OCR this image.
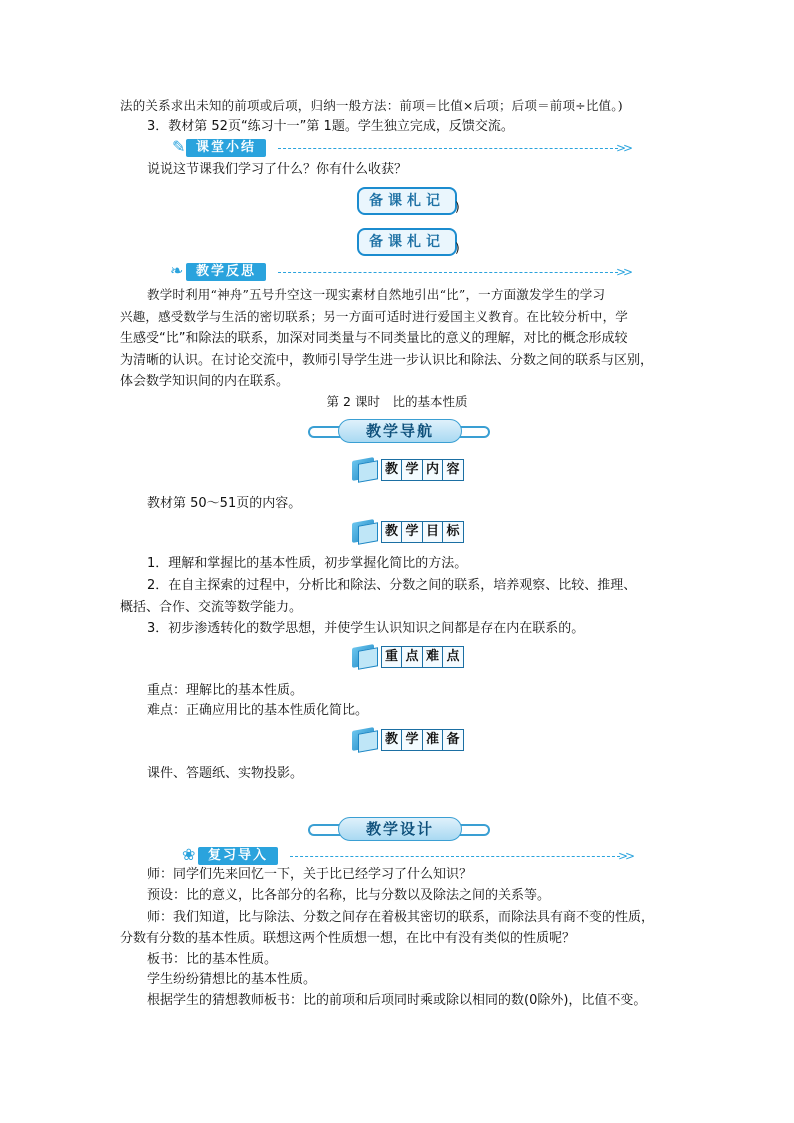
法的关系求出未知的前项或后项，归纳一般方法：前项＝比值×后项；后项＝前项÷比值。)
3．教材第 52页“练习十一”第 1题。学生独立完成，反馈交流。
✎ 课堂小结	>>
说说这节课我们学习了什么？你有什么收获？
备课札记 )
备课札记 )
❧ 教学反思	>>
教学时利用“神舟”五号升空这一现实素材自然地引出“比”，一方面激发学生的学习
兴趣，感受数学与生活的密切联系；另一方面可适时进行爱国主义教育。在比较分析中，学
生感受“比”和除法的联系，加深对同类量与不同类量比的意义的理解，对比的概念形成较
为清晰的认识。在讨论交流中，教师引导学生进一步认识比和除法、分数之间的联系与区别，
体会数学知识间的内在联系。
第 2 课时　比的基本性质
教学导航
教 学 内 容
教材第 50～51页的内容。
教 学 目 标
1．理解和掌握比的基本性质，初步掌握化简比的方法。
2．在自主探索的过程中，分析比和除法、分数之间的联系，培养观察、比较、推理、
概括、合作、交流等数学能力。
3．初步渗透转化的数学思想，并使学生认识知识之间都是存在内在联系的。
重 点 难 点
重点：理解比的基本性质。
难点：正确应用比的基本性质化简比。
教 学 准 备
课件、答题纸、实物投影。
教学设计
❀ 复习导入	>>
师：同学们先来回忆一下，关于比已经学习了什么知识？
预设：比的意义，比各部分的名称，比与分数以及除法之间的关系等。
师：我们知道，比与除法、分数之间存在着极其密切的联系，而除法具有商不变的性质，
分数有分数的基本性质。联想这两个性质想一想，在比中有没有类似的性质呢？
板书：比的基本性质。
学生纷纷猜想比的基本性质。
根据学生的猜想教师板书：比的前项和后项同时乘或除以相同的数(0除外)，比值不变。
